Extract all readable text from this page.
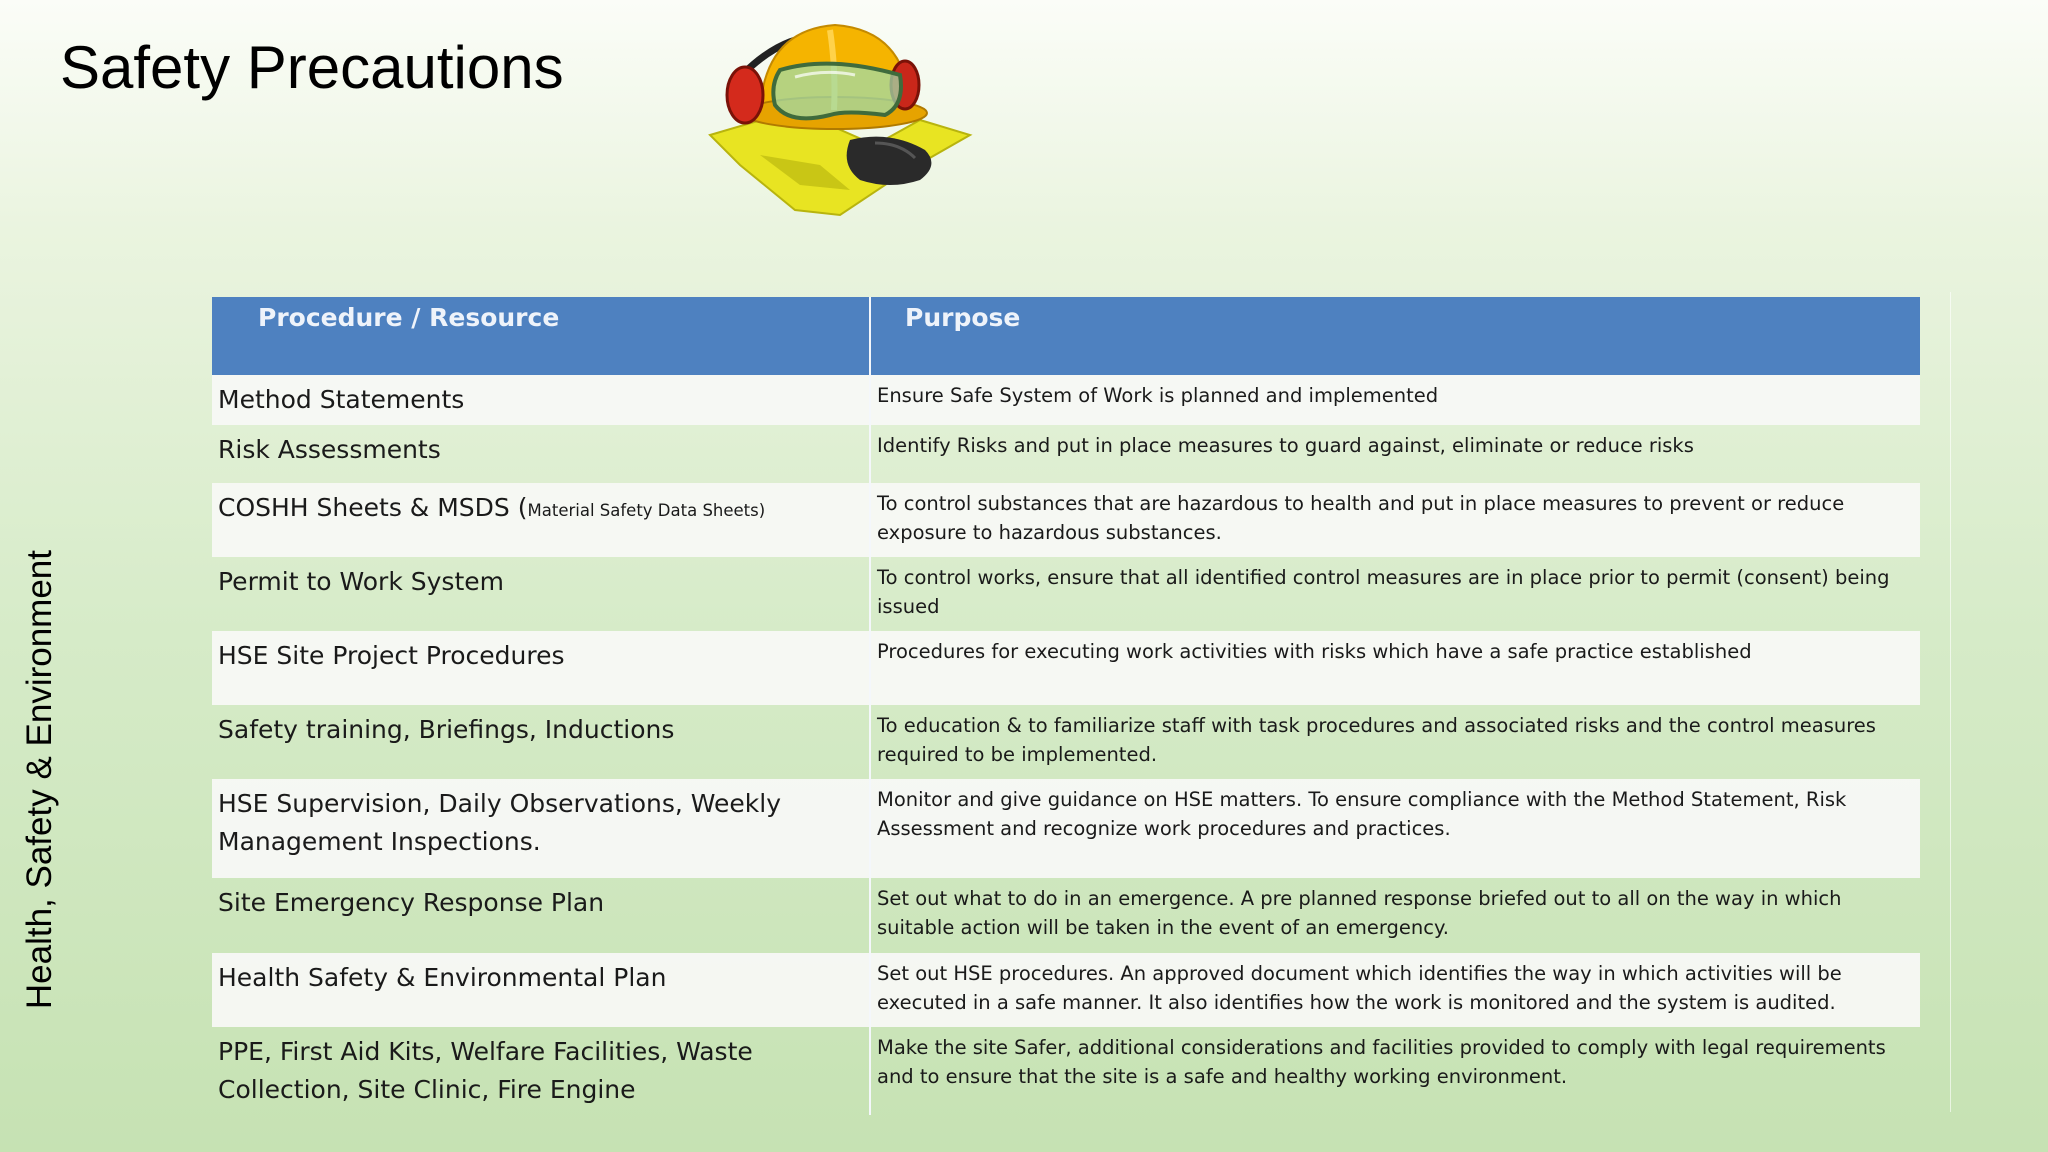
Health, Safety & Environment
Safety Precautions
Procedure / Resource	Purpose
Method Statements	Ensure Safe System of Work is planned and implemented
Risk Assessments	Identify Risks and put in place measures to guard against, eliminate or reduce risks
COSHH Sheets & MSDS (Material Safety Data Sheets)	To control substances that are hazardous to health and put in place measures to prevent or reduce exposure to hazardous substances.
Permit to Work System	To control works, ensure that all identified control measures are in place prior to permit (consent) being issued
HSE Site Project Procedures	Procedures for executing work activities with risks which have a safe practice established
Safety training, Briefings, Inductions	To education & to familiarize staff with task procedures and associated risks and the control measures required to be implemented.
HSE Supervision, Daily Observations, Weekly Management Inspections.	Monitor and give guidance on HSE matters. To ensure compliance with the Method Statement, Risk Assessment and recognize work procedures and practices.
Site Emergency Response Plan	Set out what to do in an emergence. A pre planned response briefed out to all on the way in which suitable action will be taken in the event of an emergency.
Health Safety & Environmental Plan	Set out HSE procedures. An approved document which identifies the way in which activities will be executed in a safe manner. It also identifies how the work is monitored and the system is audited.
PPE, First Aid Kits, Welfare Facilities, Waste Collection, Site Clinic, Fire Engine	Make the site Safer, additional considerations and facilities provided to comply with legal requirements and to ensure that the site is a safe and healthy working environment.
